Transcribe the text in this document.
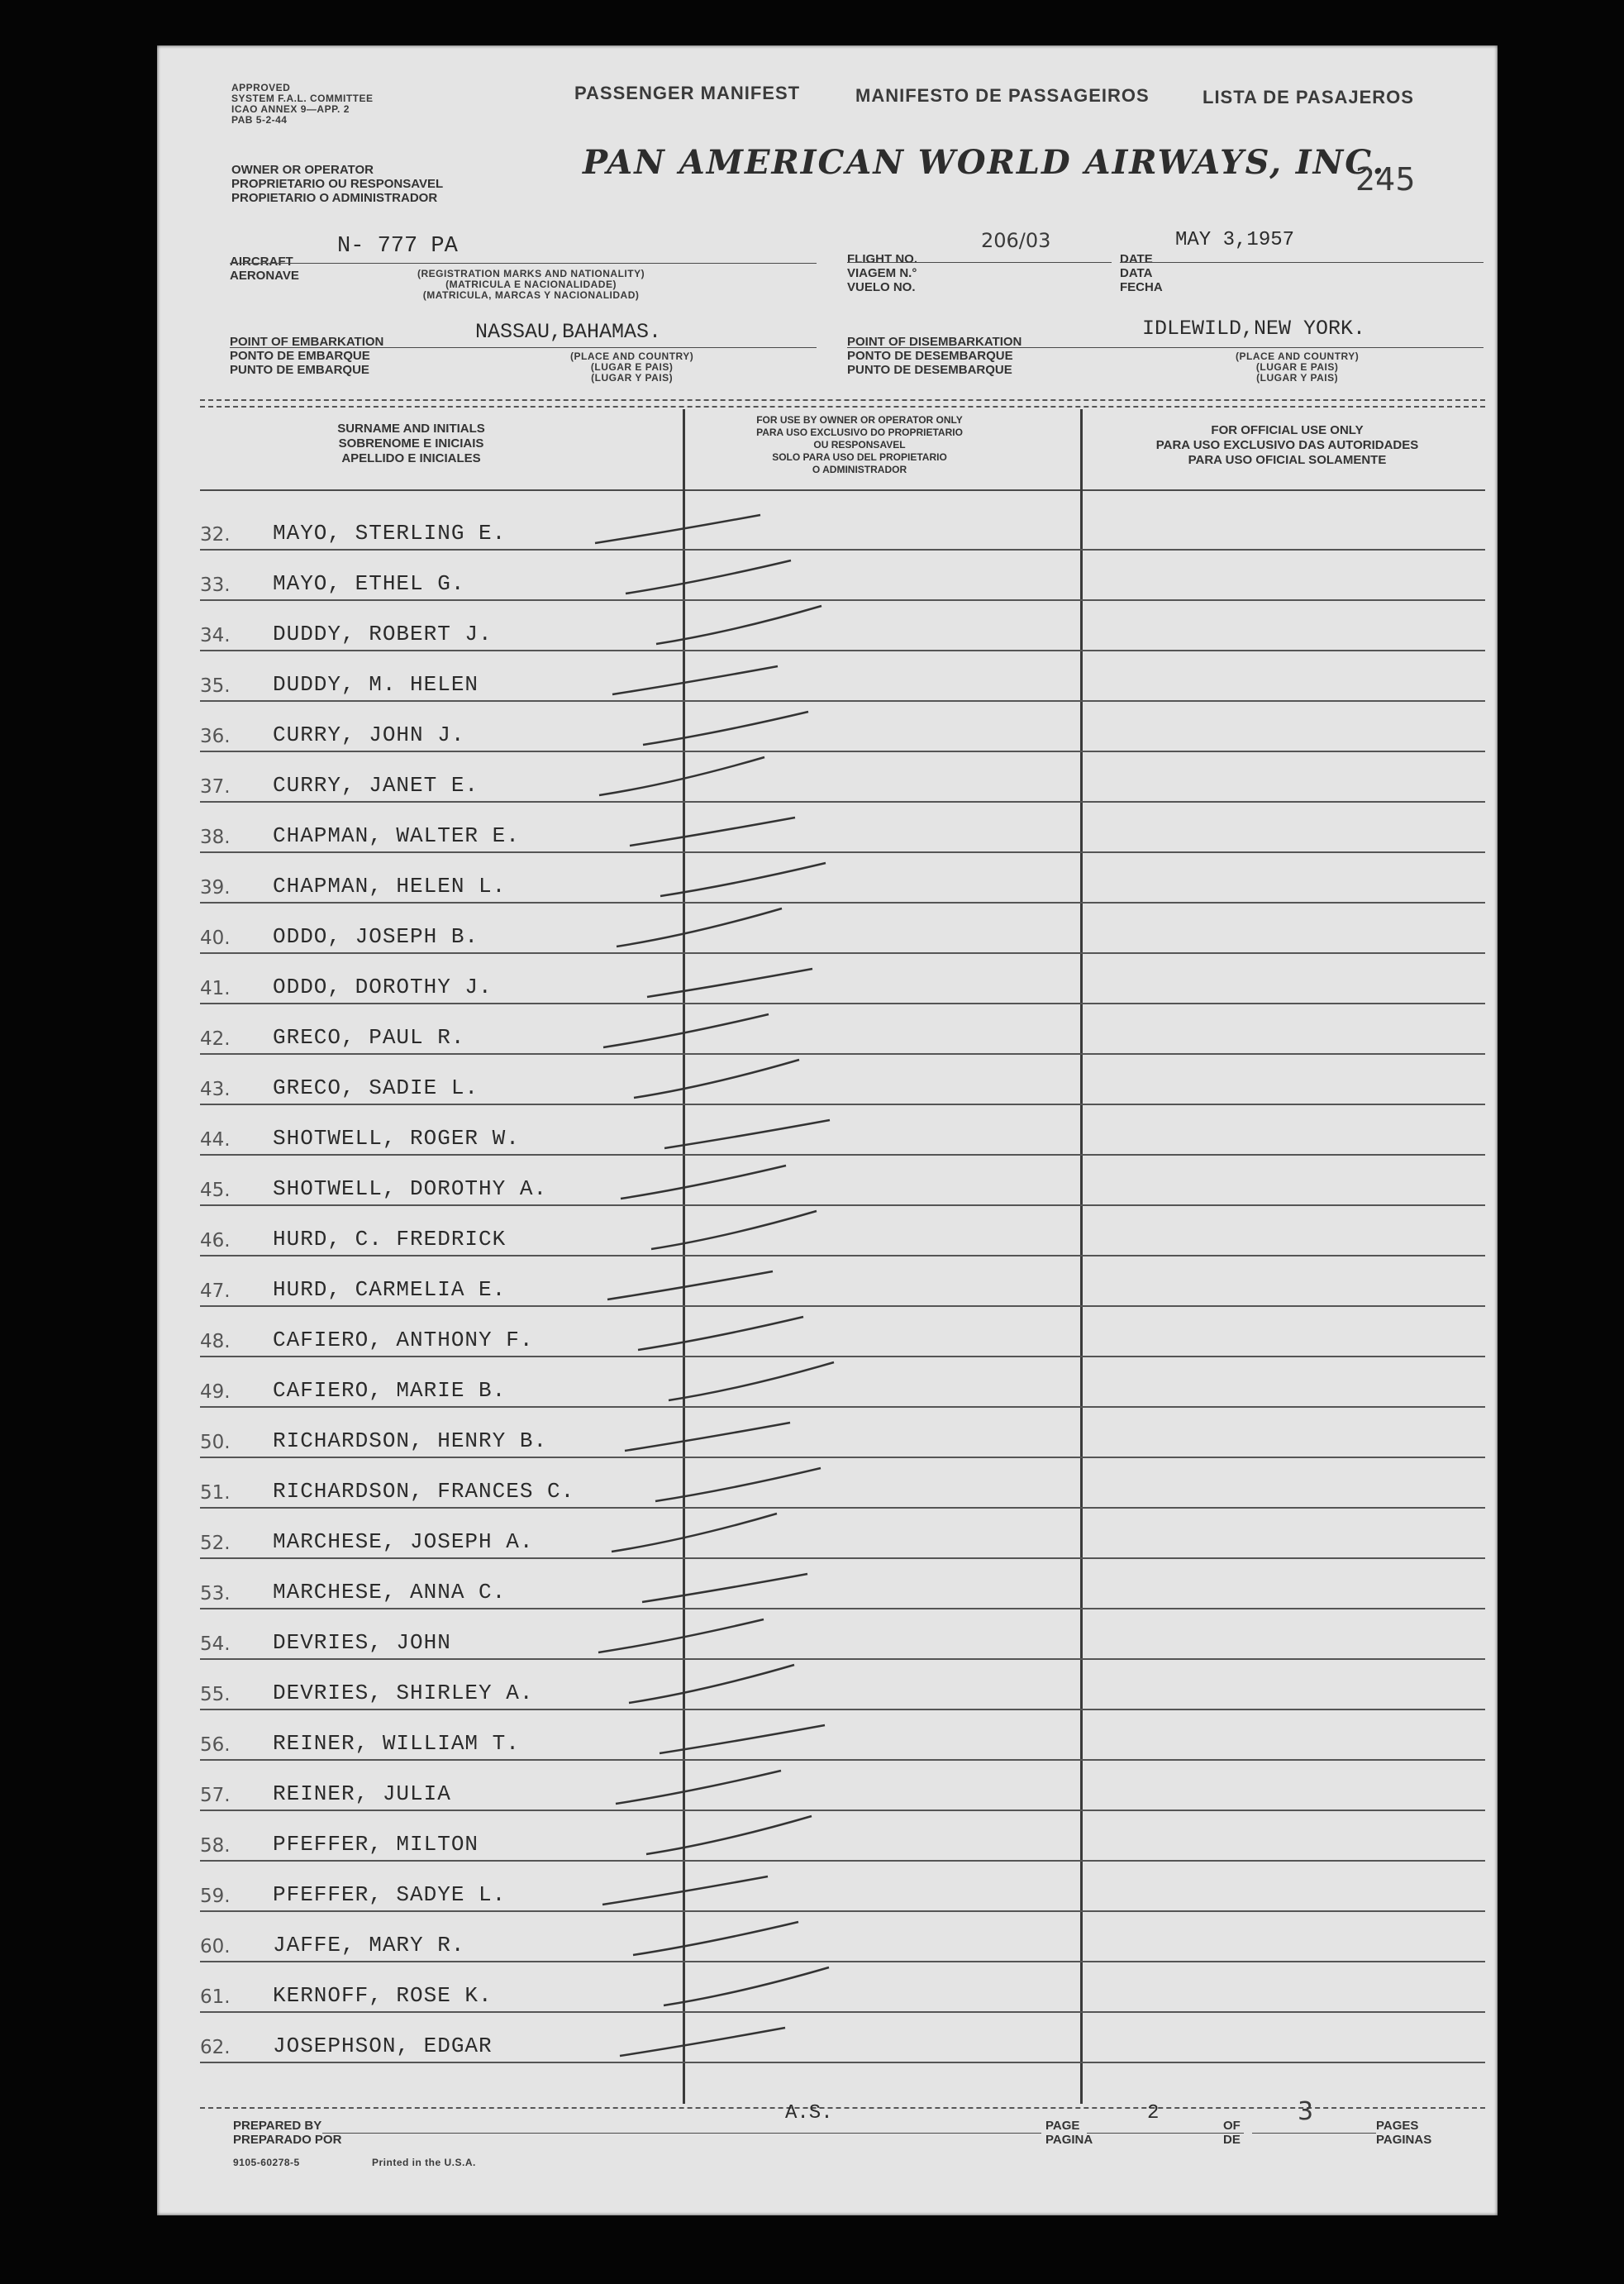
APPROVED
SYSTEM F.A.L. COMMITTEE
ICAO ANNEX 9—APP. 2
PAB 5-2-44
PASSENGER MANIFEST	MANIFESTO DE PASSAGEIROS	LISTA DE PASAJEROS
OWNER OR OPERATOR
PROPRIETARIO OU RESPONSAVEL
PROPIETARIO O ADMINISTRADOR
PAN AMERICAN WORLD AIRWAYS, INC.
245
AIRCRAFT
AERONAVE
N- 777 PA
(REGISTRATION MARKS AND NATIONALITY)
(MATRICULA E NACIONALIDADE)
(MATRICULA, MARCAS Y NACIONALIDAD)
FLIGHT NO.
VIAGEM N.°
VUELO NO.
206/03
DATE
DATA
FECHA
MAY 3,1957
POINT OF EMBARKATION
PONTO DE EMBARQUE
PUNTO DE EMBARQUE
NASSAU,BAHAMAS.
(PLACE AND COUNTRY)
(LUGAR E PAIS)
(LUGAR Y PAIS)
POINT OF DISEMBARKATION
PONTO DE DESEMBARQUE
PUNTO DE DESEMBARQUE
IDLEWILD,NEW YORK.
(PLACE AND COUNTRY)
(LUGAR E PAIS)
(LUGAR Y PAIS)
SURNAME AND INITIALS
SOBRENOME E INICIAIS
APELLIDO E INICIALES
FOR USE BY OWNER OR OPERATOR ONLY
PARA USO EXCLUSIVO DO PROPRIETARIO
OU RESPONSAVEL
SOLO PARA USO DEL PROPIETARIO
O ADMINISTRADOR
FOR OFFICIAL USE ONLY
PARA USO EXCLUSIVO DAS AUTORIDADES
PARA USO OFICIAL SOLAMENTE
32.	MAYO, STERLING E.
33.	MAYO, ETHEL G.
34.	DUDDY, ROBERT J.
35.	DUDDY, M. HELEN
36.	CURRY, JOHN J.
37.	CURRY, JANET E.
38.	CHAPMAN, WALTER E.
39.	CHAPMAN, HELEN L.
40.	ODDO, JOSEPH B.
41.	ODDO, DOROTHY J.
42.	GRECO, PAUL R.
43.	GRECO, SADIE L.
44.	SHOTWELL, ROGER W.
45.	SHOTWELL, DOROTHY A.
46.	HURD, C. FREDRICK
47.	HURD, CARMELIA E.
48.	CAFIERO, ANTHONY F.
49.	CAFIERO, MARIE B.
50.	RICHARDSON, HENRY B.
51.	RICHARDSON, FRANCES C.
52.	MARCHESE, JOSEPH A.
53.	MARCHESE, ANNA C.
54.	DEVRIES, JOHN
55.	DEVRIES, SHIRLEY A.
56.	REINER, WILLIAM T.
57.	REINER, JULIA
58.	PFEFFER, MILTON
59.	PFEFFER, SADYE L.
60.	JAFFE, MARY R.
61.	KERNOFF, ROSE K.
62.	JOSEPHSON, EDGAR
PREPARED BY
PREPARADO POR
A.S.
PAGE
PAGINA
2
OF
DE
3	PAGES
PAGINAS
9105-60278-5	Printed in the U.S.A.
